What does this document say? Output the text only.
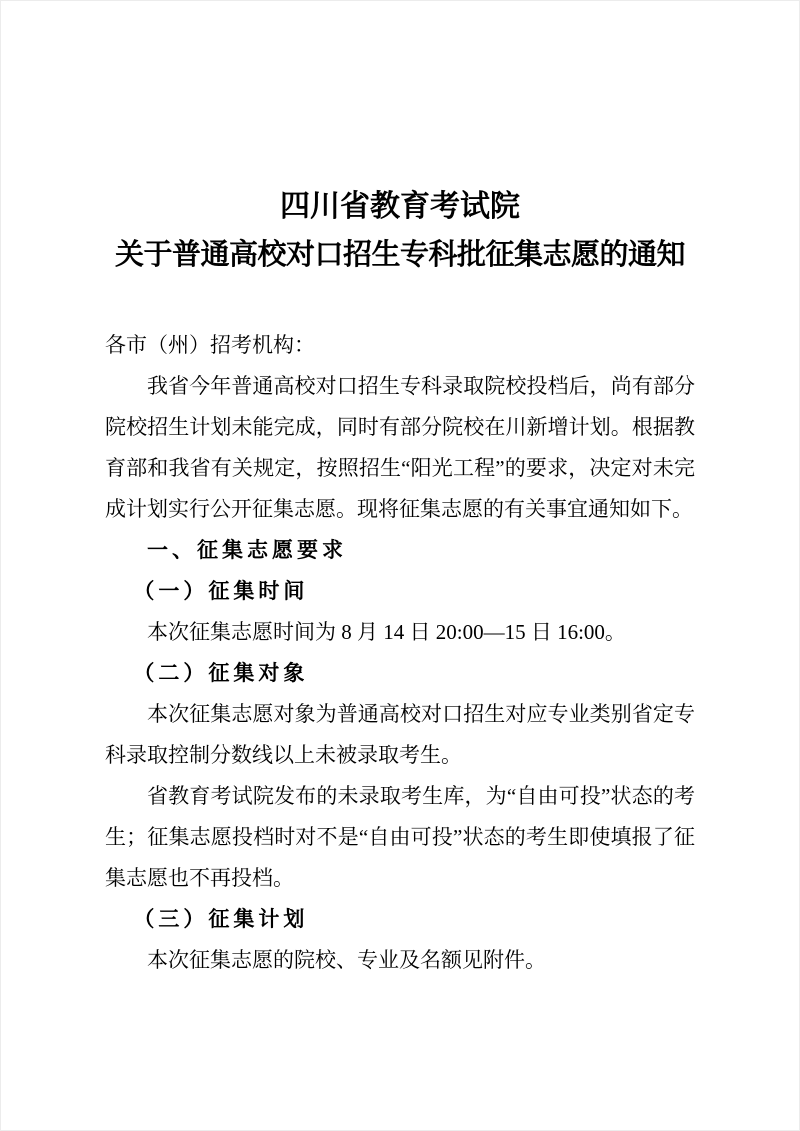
四川省教育考试院
关于普通高校对口招生专科批征集志愿的通知

各市（州）招考机构：

我省今年普通高校对口招生专科录取院校投档后，尚有部分院校招生计划未能完成，同时有部分院校在川新增计划。根据教育部和我省有关规定，按照招生“阳光工程”的要求，决定对未完成计划实行公开征集志愿。现将征集志愿的有关事宜通知如下。

一、征集志愿要求

（一）征集时间

本次征集志愿时间为 8 月 14 日 20:00—15 日 16:00。

（二）征集对象

本次征集志愿对象为普通高校对口招生对应专业类别省定专科录取控制分数线以上未被录取考生。

省教育考试院发布的未录取考生库，为“自由可投”状态的考生；征集志愿投档时对不是“自由可投”状态的考生即使填报了征集志愿也不再投档。

（三）征集计划

本次征集志愿的院校、专业及名额见附件。
